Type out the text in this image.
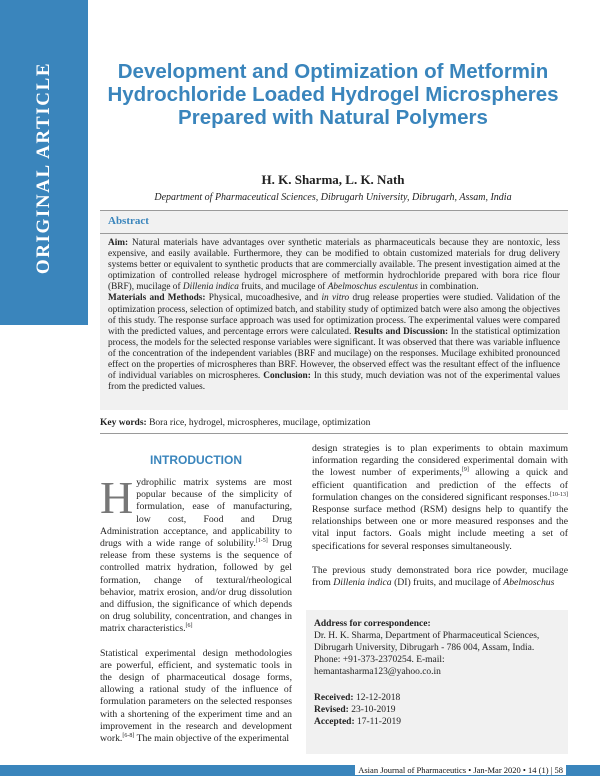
ORIGINAL ARTICLE	Development and Optimization of Metformin Hydrochloride Loaded Hydrogel Microspheres Prepared with Natural Polymers

H. K. Sharma, L. K. Nath

Department of Pharmaceutical Sciences, Dibrugarh University, Dibrugarh, Assam, India

Abstract

Aim: Natural materials have advantages over synthetic materials as pharmaceuticals because they are nontoxic, less expensive, and easily available. Furthermore, they can be modified to obtain customized materials for drug delivery systems better or equivalent to synthetic products that are commercially available. The present investigation aimed at the optimization of controlled release hydrogel microsphere of metformin hydrochloride prepared with bora rice flour (BRF), mucilage of Dillenia indica fruits, and mucilage of Abelmoschus esculentus in combination.
Materials and Methods: Physical, mucoadhesive, and in vitro drug release properties were studied. Validation of the optimization process, selection of optimized batch, and stability study of optimized batch were also among the objectives of this study. The response surface approach was used for optimization process. The experimental values were compared with the predicted values, and percentage errors were calculated. Results and Discussion: In the statistical optimization process, the models for the selected response variables were significant. It was observed that there was variable influence of the concentration of the independent variables (BRF and mucilage) on the responses. Mucilage exhibited pronounced effect on the properties of microspheres than BRF. However, the observed effect was the resultant effect of the influence of individual variables on microspheres. Conclusion: In this study, much deviation was not of the experimental values from the predicted values.

Key words: Bora rice, hydrogel, microspheres, mucilage, optimization

INTRODUCTION

Hydrophilic matrix systems are most popular because of the simplicity of formulation, ease of manufacturing, low cost, Food and Drug Administration acceptance, and applicability to drugs with a wide range of solubility.[1-5] Drug release from these systems is the sequence of controlled matrix hydration, followed by gel formation, change of textural/rheological behavior, matrix erosion, and/or drug dissolution and diffusion, the significance of which depends on drug solubility, concentration, and changes in matrix characteristics.[6]

Statistical experimental design methodologies are powerful, efficient, and systematic tools in the design of pharmaceutical dosage forms, allowing a rational study of the influence of formulation parameters on the selected responses with a shortening of the experiment time and an improvement in the research and development work.[6-8] The main objective of the experimental

design strategies is to plan experiments to obtain maximum information regarding the considered experimental domain with the lowest number of experiments,[9] allowing a quick and efficient quantification and prediction of the effects of formulation changes on the considered significant responses.[10-13] Response surface method (RSM) designs help to quantify the relationships between one or more measured responses and the vital input factors. Goals might include meeting a set of specifications for several responses simultaneously.

The previous study demonstrated bora rice powder, mucilage from Dillenia indica (DI) fruits, and mucilage of Abelmoschus

Address for correspondence:

Dr. H. K. Sharma, Department of Pharmaceutical Sciences, Dibrugarh University, Dibrugarh - 786 004, Assam, India. Phone: +91-373-2370254. E-mail: hemantasharma123@yahoo.co.in

Received: 12-12-2018

Revised: 23-10-2019

Accepted: 17-11-2019

Asian Journal of Pharmaceutics • Jan-Mar 2020 • 14 (1) | 58
